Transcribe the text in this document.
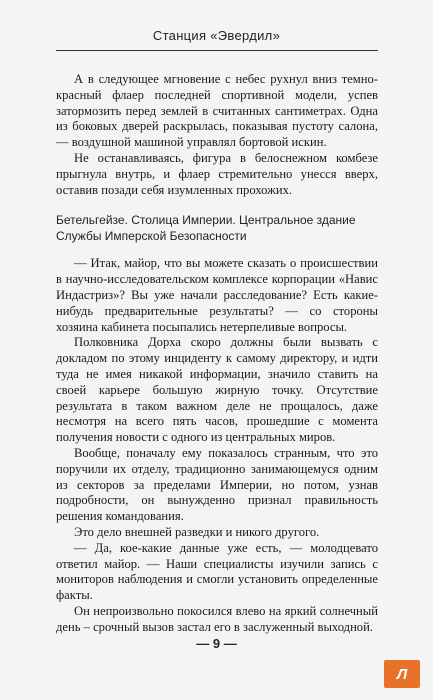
Станция «Эвердил»

А в следующее мгновение с небес рухнул вниз темно-красный флаер последней спортивной модели, успев затормозить перед землей в считанных сантиметрах. Одна из боковых дверей раскрылась, показывая пустоту салона, — воздушной машиной управлял бортовой искин.

Не останавливаясь, фигура в белоснежном комбезе прыгнула внутрь, и флаер стремительно унесся вверх, оставив позади себя изумленных прохожих.

Бетельгейзе. Столица Империи. Центральное здание
Службы Имперской Безопасности

— Итак, майор, что вы можете сказать о происшествии в научно-исследовательском комплексе корпорации «Навис Индастриз»? Вы уже начали расследование? Есть какие-нибудь предварительные результаты? — со стороны хозяина кабинета посыпались нетерпеливые вопросы.

Полковника Дорха скоро должны были вызвать с докладом по этому инциденту к самому директору, и идти туда не имея никакой информации, значило ставить на своей карьере большую жирную точку. Отсутствие результата в таком важном деле не прощалось, даже несмотря на всего пять часов, прошедшие с момента получения новости с одного из центральных миров.

Вообще, поначалу ему показалось странным, что это поручили их отделу, традиционно занимающемуся одним из секторов за пределами Империи, но потом, узнав подробности, он вынужденно признал правильность решения командования.

Это дело внешней разведки и никого другого.

— Да, кое-какие данные уже есть, — молодцевато ответил майор. — Наши специалисты изучили запись с мониторов наблюдения и смогли установить определенные факты.

Он непроизвольно покосился влево на яркий солнечный день – срочный вызов застал его в заслуженный выходной.

— 9 —
Л
